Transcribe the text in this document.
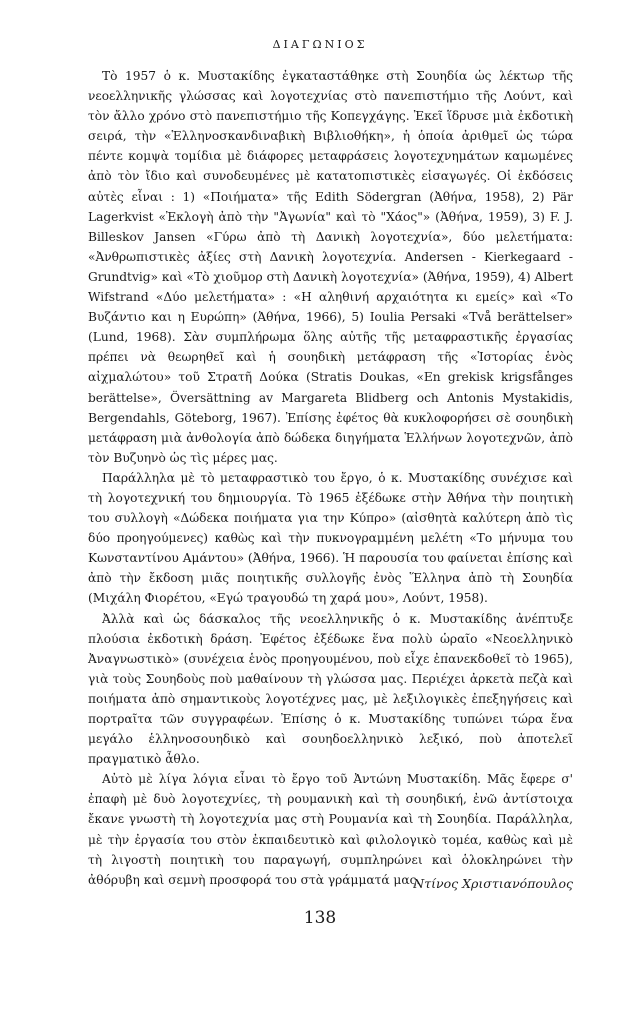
ΔΙΑΓΩΝΙΟΣ

Τὸ 1957 ὁ κ. Μυστακίδης ἐγκαταστάθηκε στὴ Σουηδία ὡς λέκτωρ τῆς νεοελληνικῆς γλώσσας καὶ λογοτεχνίας στὸ πανεπιστήμιο τῆς Λούντ, καὶ τὸν ἄλλο χρόνο στὸ πανεπιστήμιο τῆς Κοπεγχάγης. Ἐκεῖ ἵδρυσε μιὰ ἐκδοτικὴ σειρά, τὴν «Ἑλληνοσκανδιναβικὴ Βιβλιοθήκη», ἡ ὁποία ἀριθμεῖ ὡς τώρα πέντε κομψὰ τομίδια μὲ διάφορες μεταφράσεις λογοτεχνημάτων καμωμένες ἀπὸ τὸν ἴδιο καὶ συνοδευμένες μὲ κατατοπιστικὲς εἰσαγωγές. Οἱ ἐκδόσεις αὐτὲς εἶναι : 1) «Ποιήματα» τῆς Edith Södergran (Ἀθήνα, 1958), 2) Pär Lagerkvist «Ἐκλογὴ ἀπὸ τὴν "Ἀγωνία" καὶ τὸ "Χάος"» (Ἀθήνα, 1959), 3) F. J. Billeskov Jansen «Γύρω ἀπὸ τὴ Δανικὴ λογοτεχνία», δύο μελετήματα: «Ἀνθρωπιστικὲς ἀξίες στὴ Δανικὴ λογοτεχνία. Andersen - Kierkegaard - Grundtvig» καὶ «Τὸ χιοῦμορ στὴ Δανικὴ λογοτεχνία» (Ἀθήνα, 1959), 4) Albert Wifstrand «Δύο μελετήματα» : «Η αληθινή αρχαιότητα κι εμείς» καὶ «Το Βυζάντιο και η Ευρώπη» (Ἀθήνα, 1966), 5) Ioulia Persaki «Två berättelser» (Lund, 1968). Σὰν συμπλήρωμα ὅλης αὐτῆς τῆς μεταφραστικῆς ἐργασίας πρέπει νὰ θεωρηθεῖ καὶ ἡ σουηδικὴ μετάφραση τῆς «Ἱστορίας ἑνὸς αἰχμαλώτου» τοῦ Στρατῆ Δούκα (Stratis Doukas, «En grekisk krigsfånges berättelse», Översättning av Margareta Blidberg och Antonis Mystakidis, Bergendahls, Göteborg, 1967). Ἐπίσης ἐφέτος θὰ κυκλοφορήσει σὲ σουηδικὴ μετάφραση μιὰ ἀνθολογία ἀπὸ δώδεκα διηγήματα Ἑλλήνων λογοτεχνῶν, ἀπὸ τὸν Βυζυηνὸ ὡς τὶς μέρες μας.

Παράλληλα μὲ τὸ μεταφραστικὸ του ἔργο, ὁ κ. Μυστακίδης συνέχισε καὶ τὴ λογοτεχνική του δημιουργία. Τὸ 1965 ἐξέδωκε στὴν Ἀθήνα τὴν ποιητικὴ του συλλογὴ «Δώδεκα ποιήματα για την Κύπρο» (αἰσθητὰ καλύτερη ἀπὸ τὶς δύο προηγούμενες) καθὼς καὶ τὴν πυκνογραμμένη μελέτη «Το μήνυμα του Κωνσταντίνου Αμάντου» (Ἀθήνα, 1966). Ἡ παρουσία του φαίνεται ἐπίσης καὶ ἀπὸ τὴν ἔκδοση μιᾶς ποιητικῆς συλλογῆς ἐνὸς Ἕλληνα ἀπὸ τὴ Σουηδία (Μιχάλη Φιορέτου, «Εγώ τραγουδώ τη χαρά μου», Λούντ, 1958).

Ἀλλὰ καὶ ὡς δάσκαλος τῆς νεοελληνικῆς ὁ κ. Μυστακίδης ἀνέπτυξε πλούσια ἐκδοτικὴ δράση. Ἐφέτος ἐξέδωκε ἕνα πολὺ ὡραῖο «Νεοελληνικὸ Ἀναγνωστικὸ» (συνέχεια ἑνὸς προηγουμένου, ποὺ εἶχε ἐπανεκδοθεῖ τὸ 1965), γιὰ τοὺς Σουηδοὺς ποὺ μαθαίνουν τὴ γλώσσα μας. Περιέχει ἀρκετὰ πεζὰ καὶ ποιήματα ἀπὸ σημαντικοὺς λογοτέχνες μας, μὲ λεξιλογικὲς ἐπεξηγήσεις καὶ πορτραῖτα τῶν συγγραφέων. Ἐπίσης ὁ κ. Μυστακίδης τυπώνει τώρα ἕνα μεγάλο ἑλληνοσουηδικὸ καὶ σουηδοελληνικὸ λεξικό, ποὺ ἀποτελεῖ πραγματικὸ ἆθλο.

Αὐτὸ μὲ λίγα λόγια εἶναι τὸ ἔργο τοῦ Ἀντώνη Μυστακίδη. Μᾶς ἔφερε σ' ἐπαφὴ μὲ δυὸ λογοτεχνίες, τὴ ρουμανικὴ καὶ τὴ σουηδική, ἐνῶ ἀντίστοιχα ἔκανε γνωστὴ τὴ λογοτεχνία μας στὴ Ρουμανία καὶ τὴ Σουηδία. Παράλληλα, μὲ τὴν ἐργασία του στὸν ἐκπαιδευτικὸ καὶ φιλολογικὸ τομέα, καθὼς καὶ μὲ τὴ λιγοστὴ ποιητικὴ του παραγωγή, συμπληρώνει καὶ ὁλοκληρώνει τὴν ἀθόρυβη καὶ σεμνὴ προσφορά του στὰ γράμματά μας.

Ντίνος Χριστιανόπουλος
138
